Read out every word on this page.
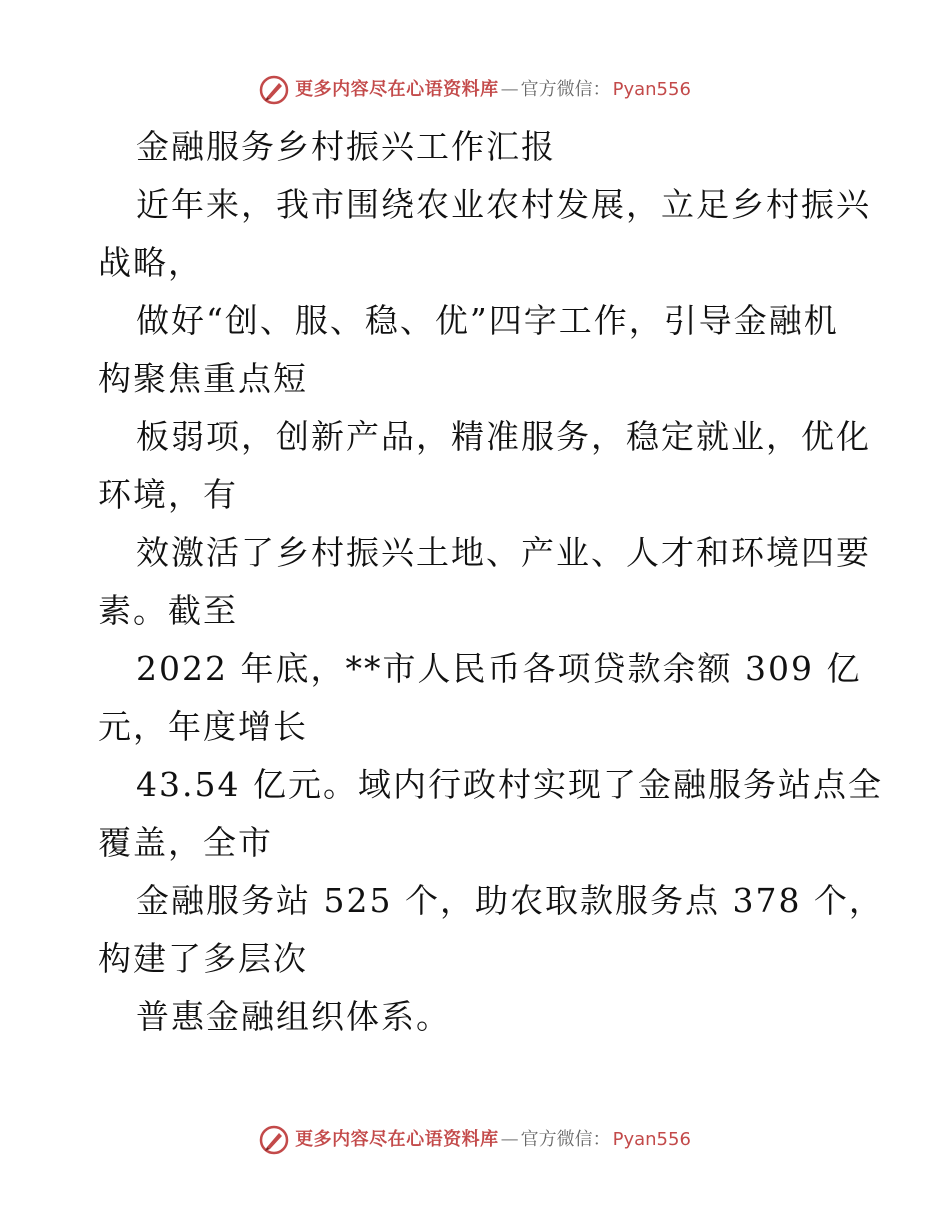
更多内容尽在心语资料库 — 官方微信： Pyan556
金融服务乡村振兴工作汇报
近年来，我市围绕农业农村发展，立足乡村振兴
战略，
做好“创、服、稳、优”四字工作，引导金融机
构聚焦重点短
板弱项，创新产品，精准服务，稳定就业，优化
环境，有
效激活了乡村振兴土地、产业、人才和环境四要
素。截至
2022 年底，**市人民币各项贷款余额 309 亿
元，年度增长
43.54 亿元。域内行政村实现了金融服务站点全
覆盖，全市
金融服务站 525 个，助农取款服务点 378 个，
构建了多层次
普惠金融组织体系。
更多内容尽在心语资料库 — 官方微信： Pyan556
